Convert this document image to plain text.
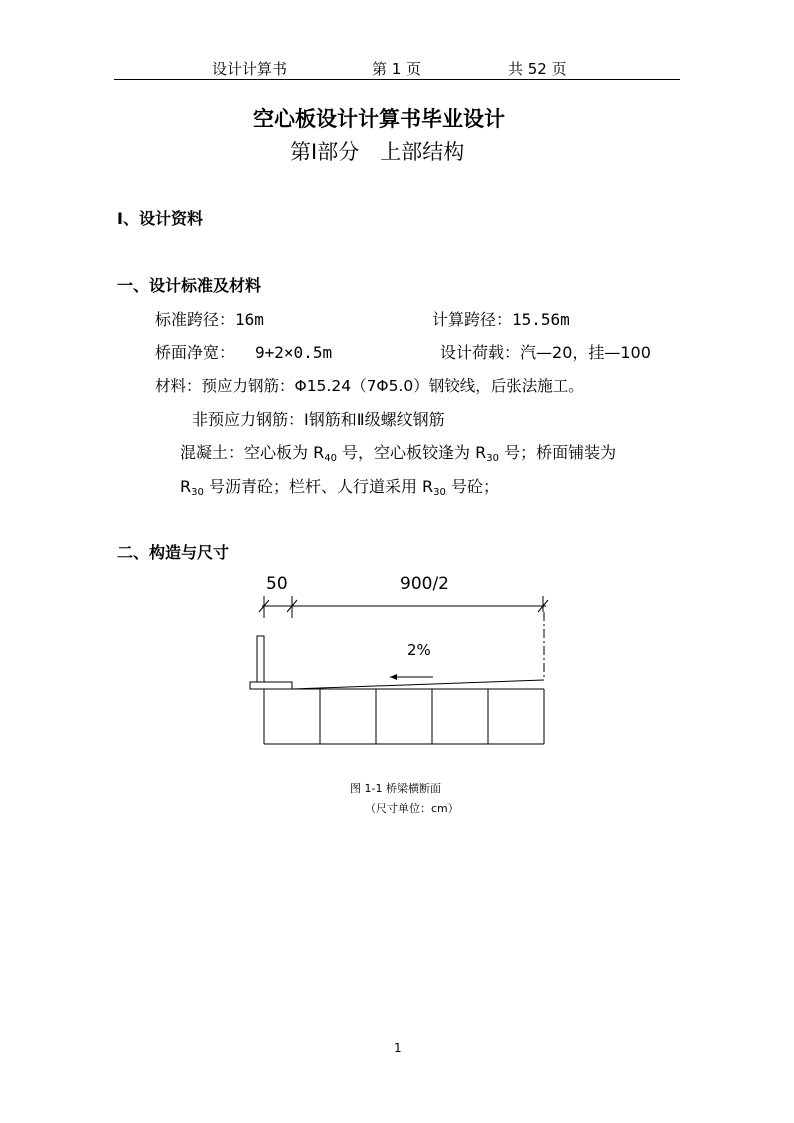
设计计算书	第 1 页	共 52 页
空心板设计计算书毕业设计
第Ⅰ部分　上部结构
Ⅰ、设计资料
一、设计标准及材料
标准跨径：16m	计算跨径：15.56m
桥面净宽： 9+2×0.5m	设计荷载：汽—20，挂—100
材料：预应力钢筋：Φ15.24（7Φ5.0）钢铰线，后张法施工。
非预应力钢筋：Ⅰ钢筋和Ⅱ级螺纹钢筋
混凝土：空心板为 $R_{40}$ 号，空心板铰逢为 $R_{30}$ 号；桥面铺装为
$R_{30}$ 号沥青砼；栏杆、人行道采用 $R_{30}$ 号砼；
二、构造与尺寸
50	900/2
2%
图 1-1 桥梁横断面
（尺寸单位：cm）
1
